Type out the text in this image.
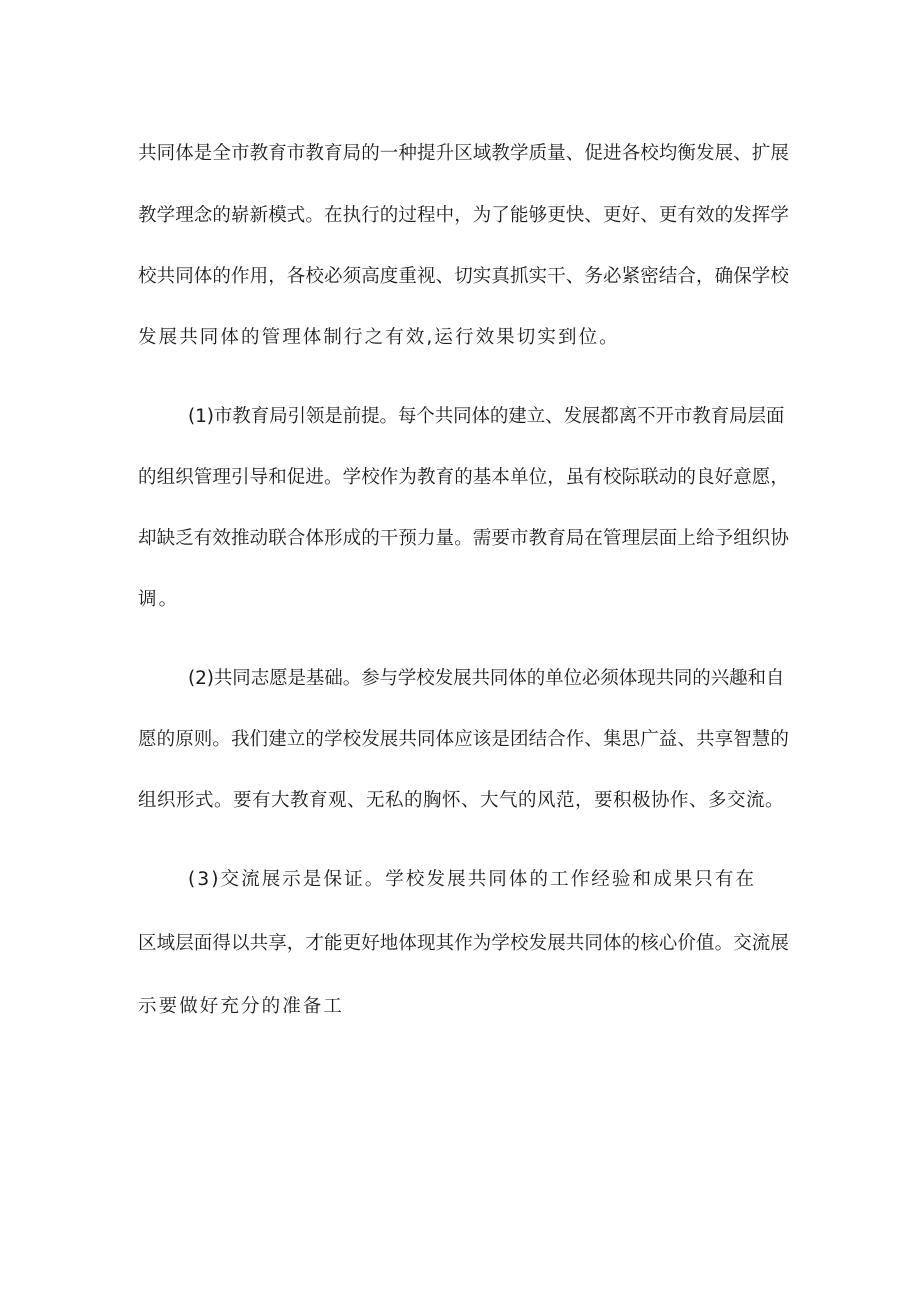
共同体是全市教育市教育局的一种提升区域教学质量、促进各校均衡发展、扩展
教学理念的崭新模式。在执行的过程中，为了能够更快、更好、更有效的发挥学
校共同体的作用，各校必须高度重视、切实真抓实干、务必紧密结合，确保学校
发展共同体的管理体制行之有效,运行效果切实到位。
(1)市教育局引领是前提。每个共同体的建立、发展都离不开市教育局层面
的组织管理引导和促进。学校作为教育的基本单位，虽有校际联动的良好意愿，
却缺乏有效推动联合体形成的干预力量。需要市教育局在管理层面上给予组织协
调。
(2)共同志愿是基础。参与学校发展共同体的单位必须体现共同的兴趣和自
愿的原则。我们建立的学校发展共同体应该是团结合作、集思广益、共享智慧的
组织形式。要有大教育观、无私的胸怀、大气的风范，要积极协作、多交流。
(3)交流展示是保证。学校发展共同体的工作经验和成果只有在
区域层面得以共享，才能更好地体现其作为学校发展共同体的核心价值。交流展
示要做好充分的准备工
